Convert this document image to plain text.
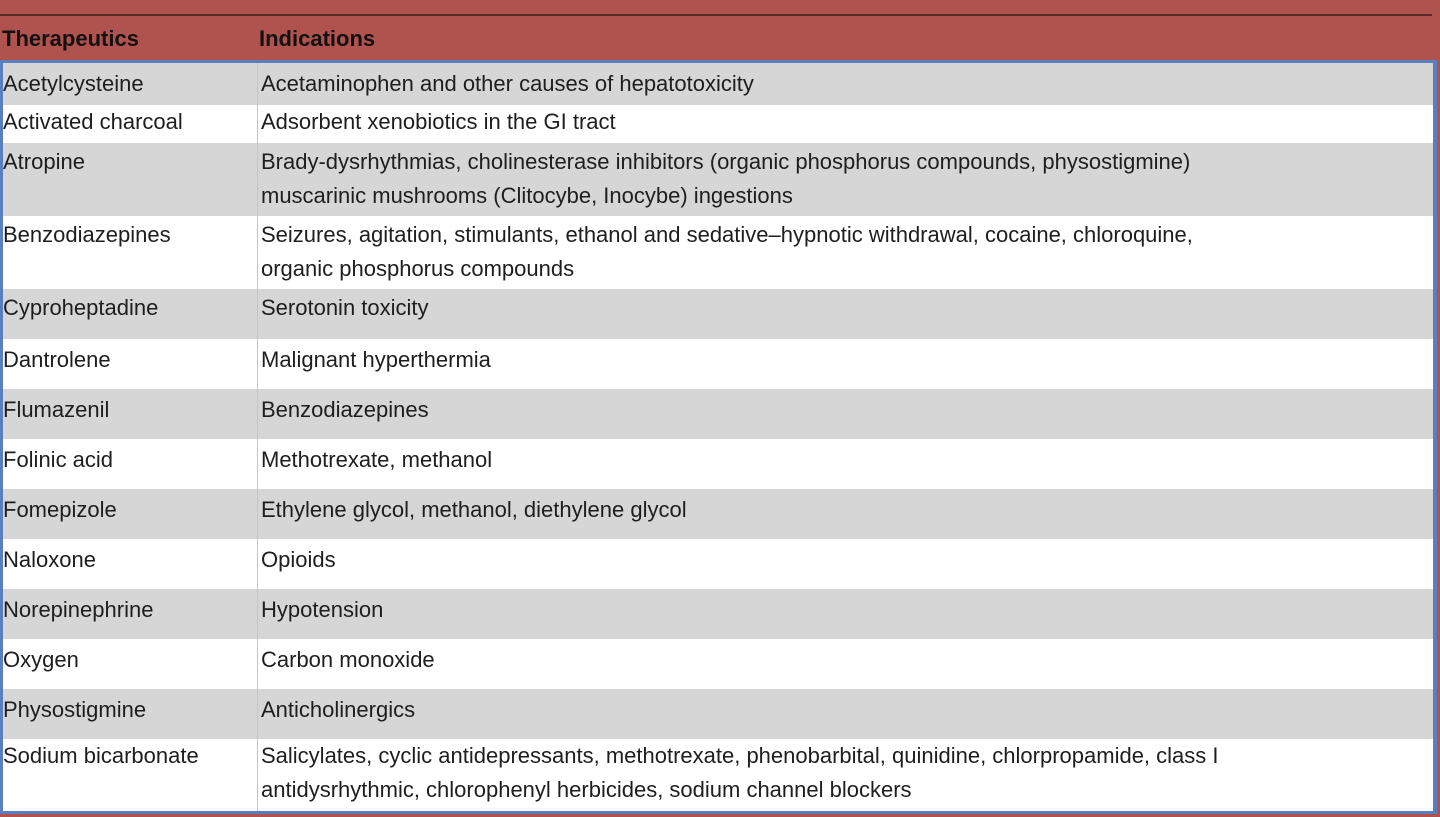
Therapeutics	Indications
Acetylcysteine	Acetaminophen and other causes of hepatotoxicity
Activated charcoal	Adsorbent xenobiotics in the GI tract
Atropine	Brady-dysrhythmias, cholinesterase inhibitors (organic phosphorus compounds, physostigmine)
muscarinic mushrooms (Clitocybe, Inocybe) ingestions
Benzodiazepines	Seizures, agitation, stimulants, ethanol and sedative–hypnotic withdrawal, cocaine, chloroquine,
organic phosphorus compounds
Cyproheptadine	Serotonin toxicity
Dantrolene	Malignant hyperthermia
Flumazenil	Benzodiazepines
Folinic acid	Methotrexate, methanol
Fomepizole	Ethylene glycol, methanol, diethylene glycol
Naloxone	Opioids
Norepinephrine	Hypotension
Oxygen	Carbon monoxide
Physostigmine	Anticholinergics
Sodium bicarbonate	Salicylates, cyclic antidepressants, methotrexate, phenobarbital, quinidine, chlorpropamide, class I
antidysrhythmic, chlorophenyl herbicides, sodium channel blockers
